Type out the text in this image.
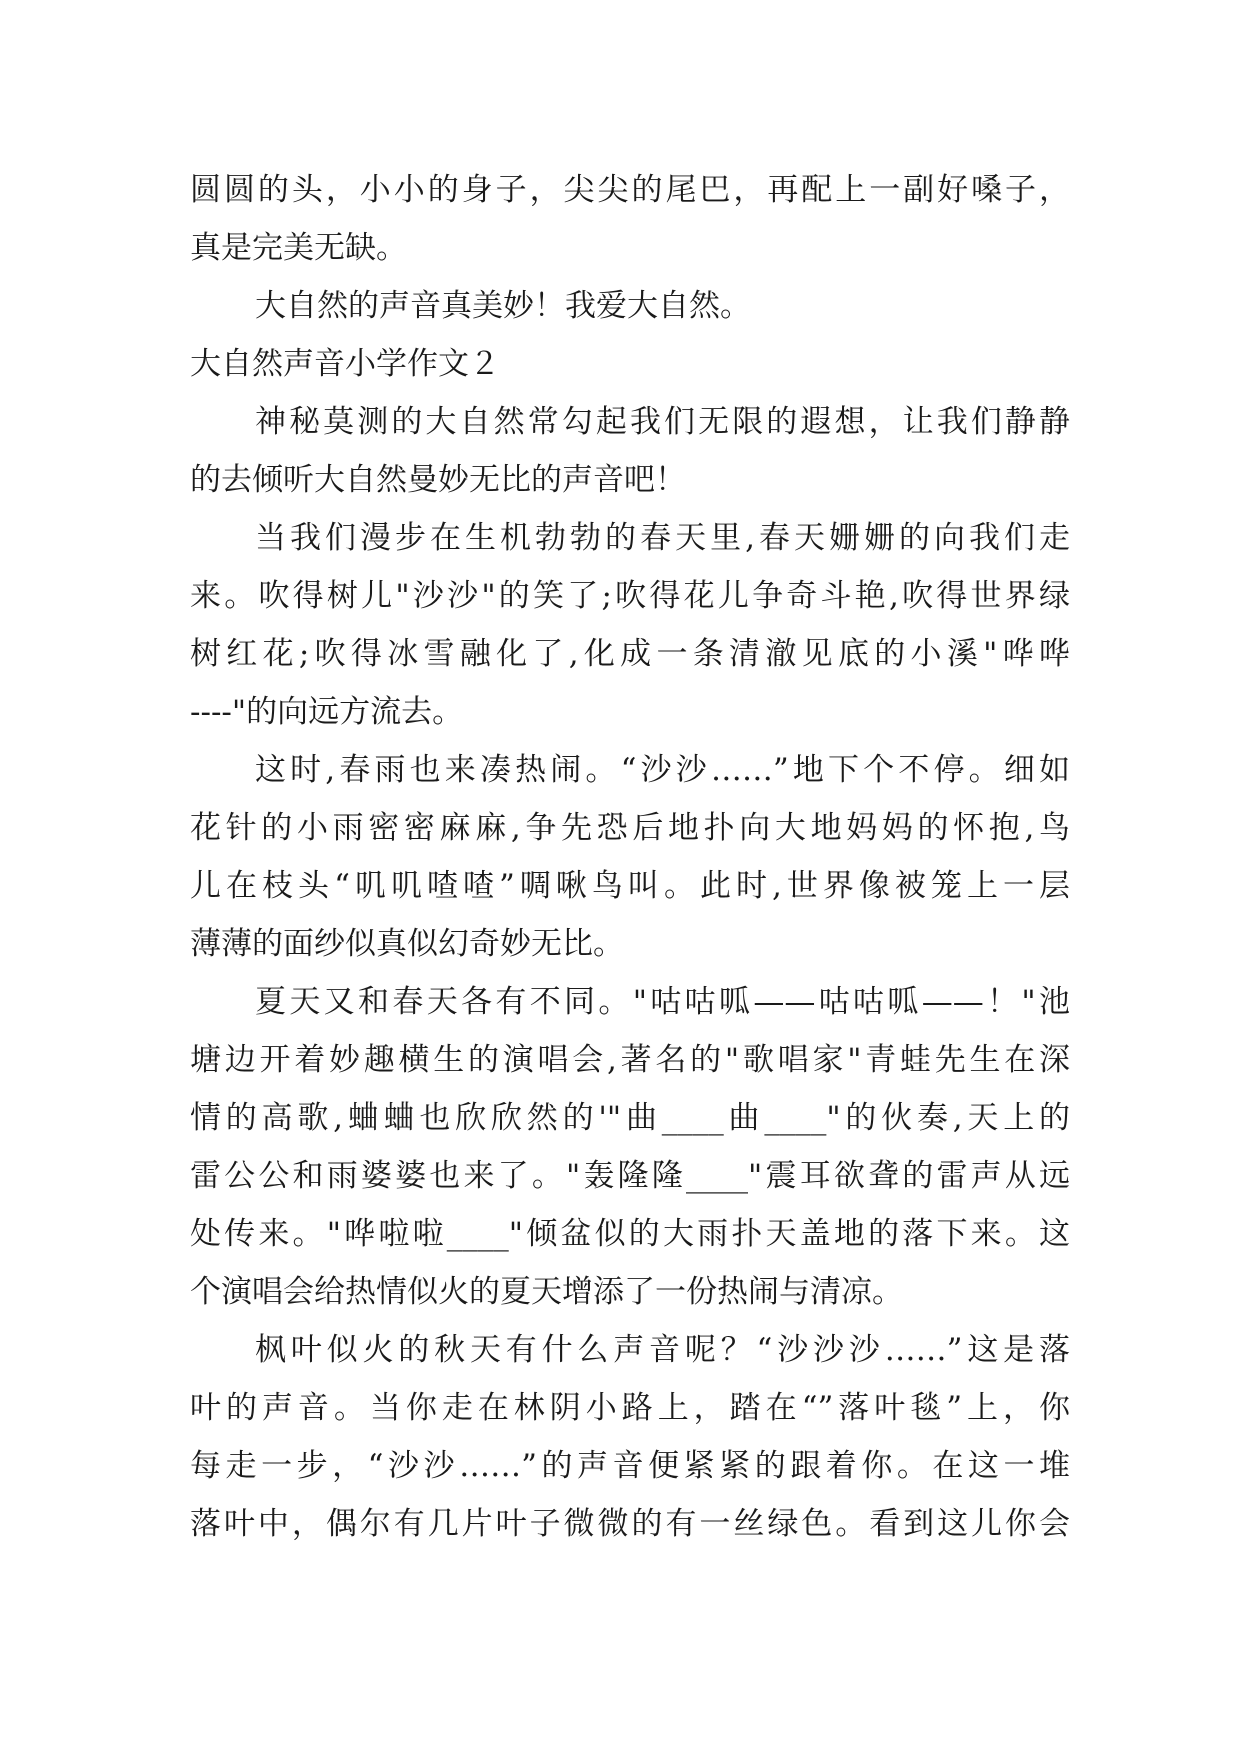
圆圆的头，小小的身子，尖尖的尾巴，再配上一副好嗓子，

真是完美无缺。

大自然的声音真美妙！我爱大自然。

大自然声音小学作文２

神秘莫测的大自然常勾起我们无限的遐想，让我们静静

的去倾听大自然曼妙无比的声音吧！

当我们漫步在生机勃勃的春天里,春天姗姗的向我们走

来。吹得树儿"沙沙"的笑了;吹得花儿争奇斗艳,吹得世界绿

树红花;吹得冰雪融化了,化成一条清澈见底的小溪"哗哗

----"的向远方流去。

这时,春雨也来凑热闹。“沙沙……”地下个不停。细如

花针的小雨密密麻麻,争先恐后地扑向大地妈妈的怀抱,鸟

儿在枝头“叽叽喳喳”啁啾鸟叫。此时,世界像被笼上一层

薄薄的面纱似真似幻奇妙无比。

夏天又和春天各有不同。"咕咕呱——咕咕呱——！"池

塘边开着妙趣横生的演唱会,著名的"歌唱家"青蛙先生在深

情的高歌,蛐蛐也欣欣然的'"曲____曲____"的伙奏,天上的

雷公公和雨婆婆也来了。"轰隆隆____"震耳欲聋的雷声从远

处传来。"哗啦啦____"倾盆似的大雨扑天盖地的落下来。这

个演唱会给热情似火的夏天增添了一份热闹与清凉。

枫叶似火的秋天有什么声音呢？“沙沙沙……”这是落

叶的声音。当你走在林阴小路上，踏在“”落叶毯”上，你

每走一步，“沙沙……”的声音便紧紧的跟着你。在这一堆

落叶中，偶尔有几片叶子微微的有一丝绿色。看到这儿你会
